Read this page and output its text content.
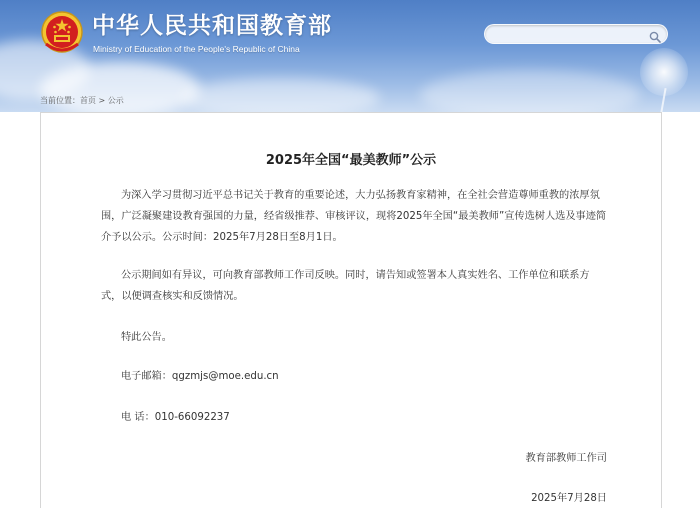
中华人民共和国教育部
Ministry of Education of the People's Republic of China
当前位置：首页 > 公示
2025年全国“最美教师”公示
为深入学习贯彻习近平总书记关于教育的重要论述，大力弘扬教育家精神，在全社会营造尊师重教的浓厚氛围，广泛凝聚建设教育强国的力量，经省级推荐、审核评议，现将2025年全国“最美教师”宣传选树人选及事迹简介予以公示。公示时间：2025年7月28日至8月1日。
公示期间如有异议，可向教育部教师工作司反映。同时，请告知或签署本人真实姓名、工作单位和联系方式，以便调查核实和反馈情况。
特此公告。
电子邮箱：qgzmjs@moe.edu.cn
电 话：010-66092237
教育部教师工作司
2025年7月28日
